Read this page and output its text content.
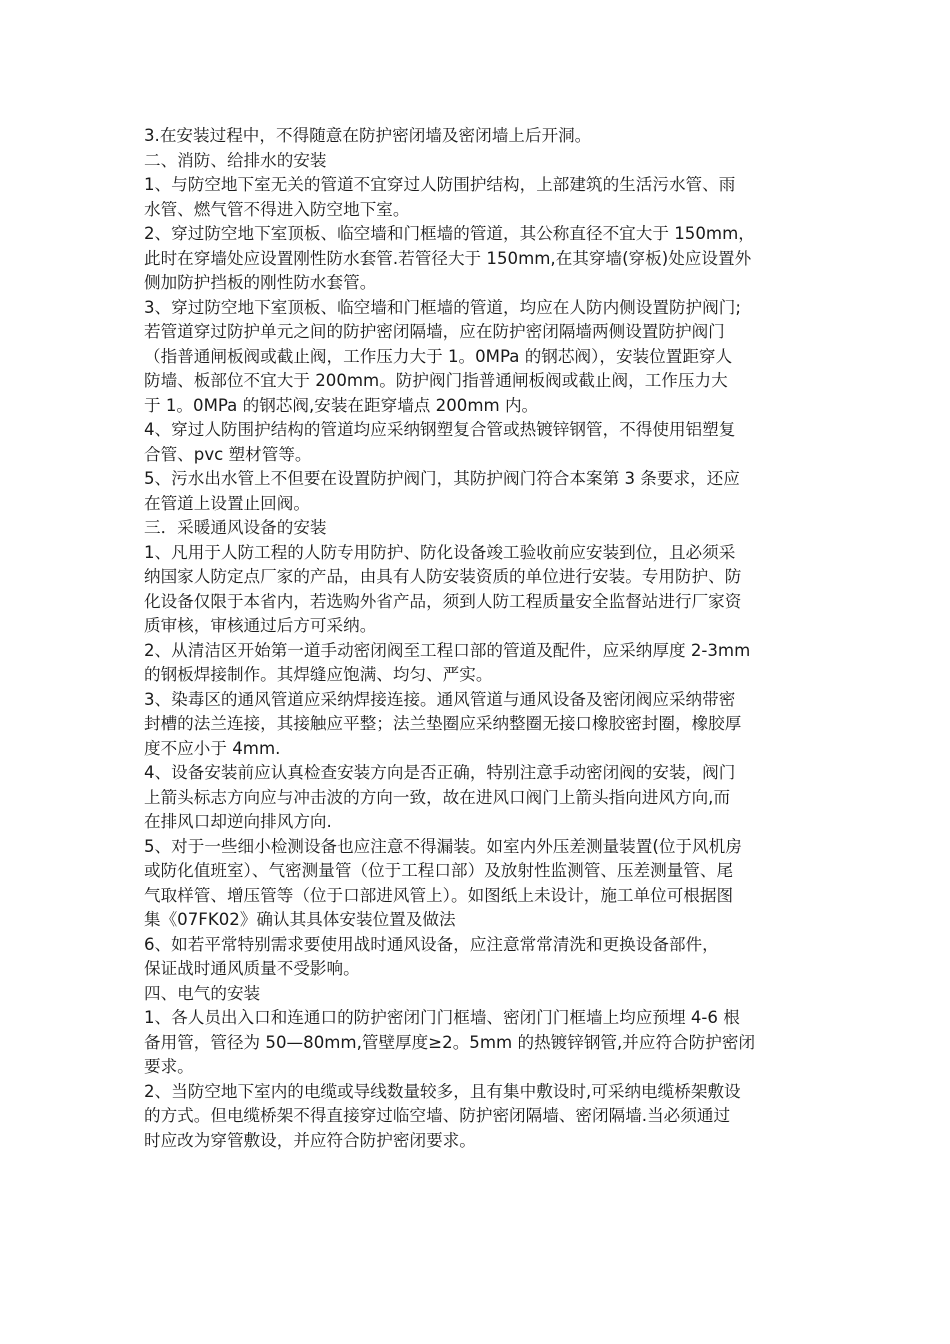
3.在安装过程中，不得随意在防护密闭墙及密闭墙上后开洞。
二、消防、给排水的安装
1、与防空地下室无关的管道不宜穿过人防围护结构，上部建筑的生活污水管、雨
水管、燃气管不得进入防空地下室。
2、穿过防空地下室顶板、临空墙和门框墙的管道，其公称直径不宜大于 150mm，
此时在穿墙处应设置刚性防水套管.若管径大于 150mm,在其穿墙(穿板)处应设置外
侧加防护挡板的刚性防水套管。
3、穿过防空地下室顶板、临空墙和门框墙的管道，均应在人防内侧设置防护阀门;
若管道穿过防护单元之间的防护密闭隔墙，应在防护密闭隔墙两侧设置防护阀门
（指普通闸板阀或截止阀，工作压力大于 1。0MPa 的钢芯阀），安装位置距穿人
防墙、板部位不宜大于 200mm。防护阀门指普通闸板阀或截止阀，工作压力大
于 1。0MPa 的钢芯阀,安装在距穿墙点 200mm 内。
4、穿过人防围护结构的管道均应采纳钢塑复合管或热镀锌钢管，不得使用铝塑复
合管、pvc 塑材管等。
5、污水出水管上不但要在设置防护阀门，其防护阀门符合本案第 3 条要求，还应
在管道上设置止回阀。
三．采暖通风设备的安装
1、凡用于人防工程的人防专用防护、防化设备竣工验收前应安装到位，且必须采
纳国家人防定点厂家的产品，由具有人防安装资质的单位进行安装。专用防护、防
化设备仅限于本省内，若选购外省产品，须到人防工程质量安全监督站进行厂家资
质审核，审核通过后方可采纳。
2、从清洁区开始第一道手动密闭阀至工程口部的管道及配件，应采纳厚度 2-3mm
的钢板焊接制作。其焊缝应饱满、均匀、严实。
3、染毒区的通风管道应采纳焊接连接。通风管道与通风设备及密闭阀应采纳带密
封槽的法兰连接，其接触应平整；法兰垫圈应采纳整圈无接口橡胶密封圈，橡胶厚
度不应小于 4mm.
4、设备安装前应认真检查安装方向是否正确，特别注意手动密闭阀的安装，阀门
上箭头标志方向应与冲击波的方向一致，故在进风口阀门上箭头指向进风方向,而
在排风口却逆向排风方向.
5、对于一些细小检测设备也应注意不得漏装。如室内外压差测量装置(位于风机房
或防化值班室）、气密测量管（位于工程口部）及放射性监测管、压差测量管、尾
气取样管、增压管等（位于口部进风管上）。如图纸上未设计，施工单位可根据图
集《07FK02》确认其具体安装位置及做法
6、如若平常特别需求要使用战时通风设备，应注意常常清洗和更换设备部件，
保证战时通风质量不受影响。
四、电气的安装
1、各人员出入口和连通口的防护密闭门门框墙、密闭门门框墙上均应预埋 4-6 根
备用管，管径为 50—80mm,管壁厚度≥2。5mm 的热镀锌钢管,并应符合防护密闭
要求。
2、当防空地下室内的电缆或导线数量较多，且有集中敷设时,可采纳电缆桥架敷设
的方式。但电缆桥架不得直接穿过临空墙、防护密闭隔墙、密闭隔墙.当必须通过
时应改为穿管敷设，并应符合防护密闭要求。
